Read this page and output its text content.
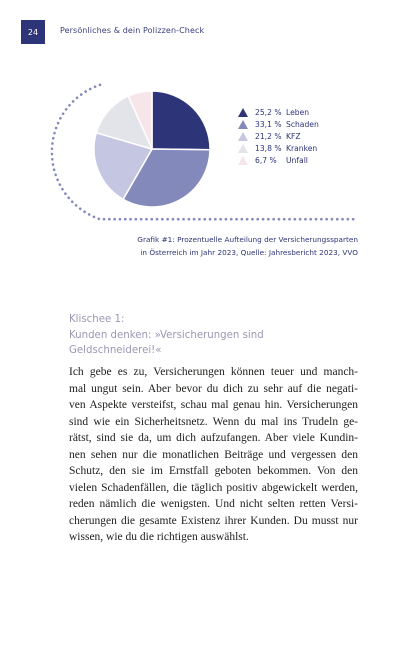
24	Persönliches & dein Polizzen-Check
25,2 % Leben
33,1 % Schaden
21,2 % KFZ
13,8 % Kranken
6,7 %	Unfall
Grafik #1: Prozentuelle Aufteilung der Versicherungssparten
in Österreich im Jahr 2023, Quelle: Jahresbericht 2023, VVO
Klischee 1:
Kunden denken: »Versicherungen sind
Geldschneiderei!«
Ich gebe es zu, Versicherungen können teuer und manch-
mal ungut sein. Aber bevor du dich zu sehr auf die negati-
ven Aspekte versteifst, schau mal genau hin. Versicherungen
sind wie ein Sicherheitsnetz. Wenn du mal ins Trudeln ge-
rätst, sind sie da, um dich aufzufangen. Aber viele Kundin-
nen sehen nur die monatlichen Beiträge und vergessen den
Schutz, den sie im Ernstfall geboten bekommen. Von den
vielen Schadenfällen, die täglich positiv abgewickelt werden,
reden nämlich die wenigsten. Und nicht selten retten Versi-
cherungen die gesamte Existenz ihrer Kunden. Du musst nur
wissen, wie du die richtigen auswählst.
